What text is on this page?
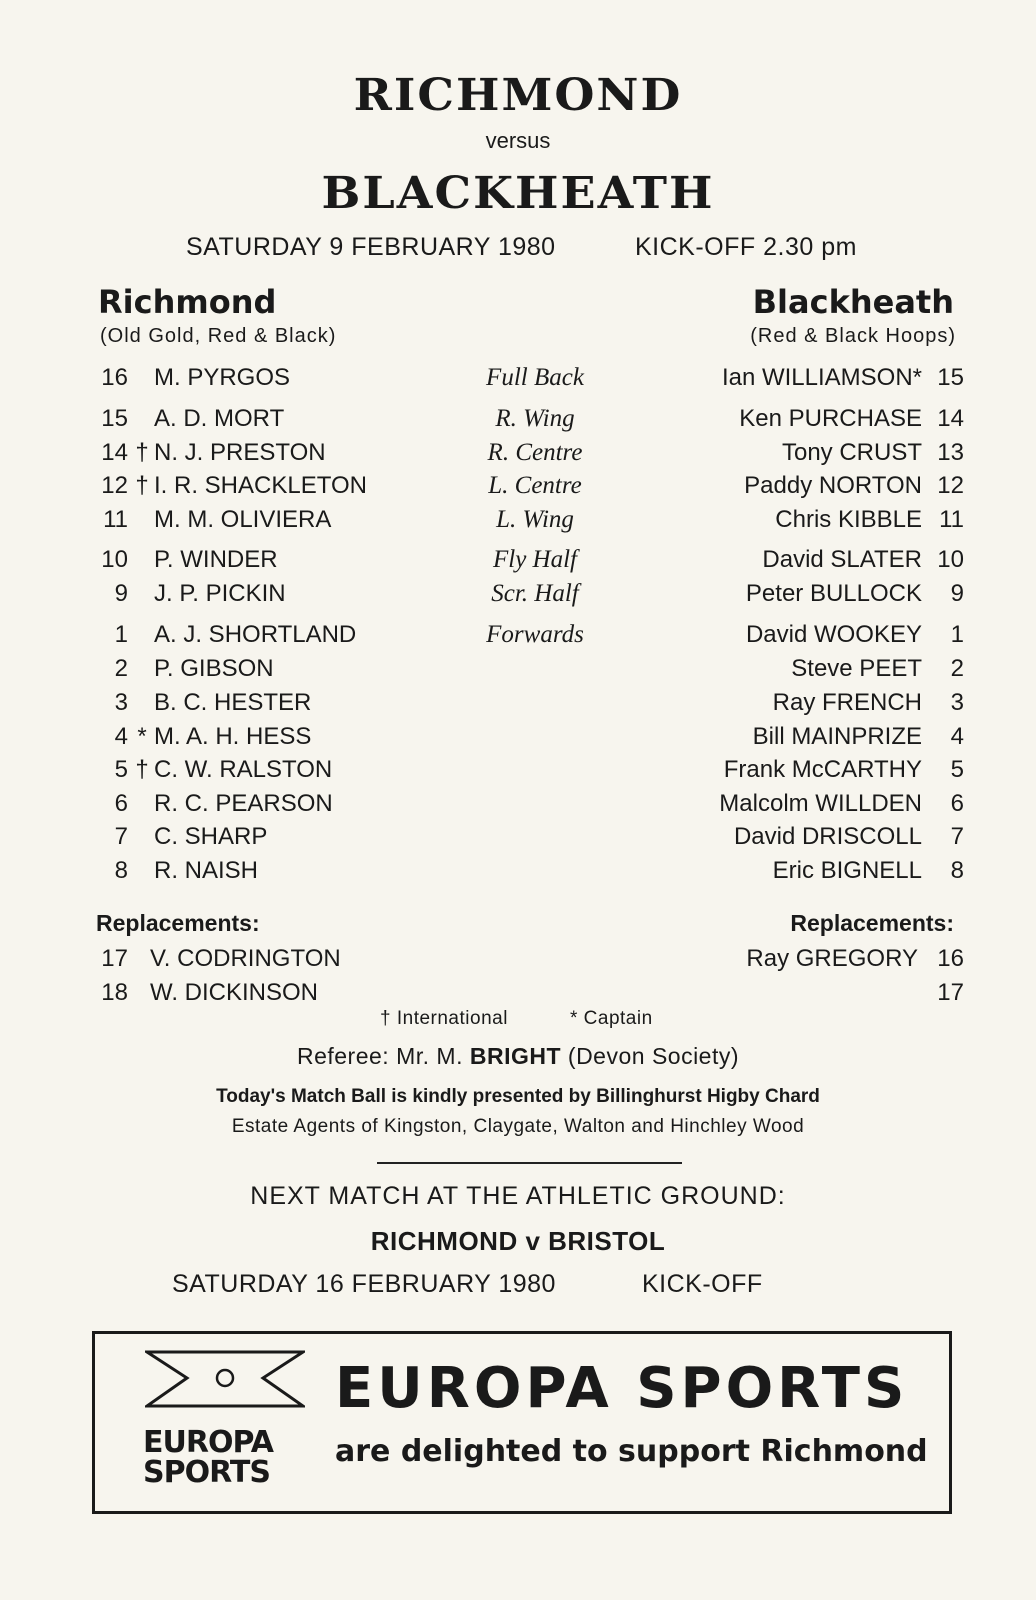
RICHMOND
versus
BLACKHEATH
SATURDAY 9 FEBRUARY 1980	KICK-OFF 2.30 pm
Richmond
(Old Gold, Red & Black)
Blackheath
(Red & Black Hoops)
16 M. PYRGOS	Full Back	Ian WILLIAMSON* 15
15 A. D. MORT	R. Wing	Ken PURCHASE 14
14 † N. J. PRESTON	R. Centre	Tony CRUST 13
12 † I. R. SHACKLETON	L. Centre	Paddy NORTON 12
11 M. M. OLIVIERA	L. Wing	Chris KIBBLE 11
10 P. WINDER	Fly Half	David SLATER 10
9 J. P. PICKIN	Scr. Half	Peter BULLOCK	9
1 A. J. SHORTLAND	Forwards	David WOOKEY	1
2 P. GIBSON	Steve PEET	2
3 B. C. HESTER	Ray FRENCH	3
4 * M. A. H. HESS	Bill MAINPRIZE	4
5 † C. W. RALSTON	Frank McCARTHY	5
6 R. C. PEARSON	Malcolm WILLDEN	6
7 C. SHARP	David DRISCOLL	7
8 R. NAISH	Eric BIGNELL	8
Replacements:	Replacements:
17 V. CODRINGTON	Ray GREGORY 16
18 W. DICKINSON	17
† International	* Captain
Referee: Mr. M. BRIGHT (Devon Society)
Today's Match Ball is kindly presented by Billinghurst Higby Chard
Estate Agents of Kingston, Claygate, Walton and Hinchley Wood
NEXT MATCH AT THE ATHLETIC GROUND:
RICHMOND v BRISTOL
SATURDAY 16 FEBRUARY 1980	KICK-OFF
EUROPA
SPORTS
EUROPA SPORTS
are delighted to support Richmond
